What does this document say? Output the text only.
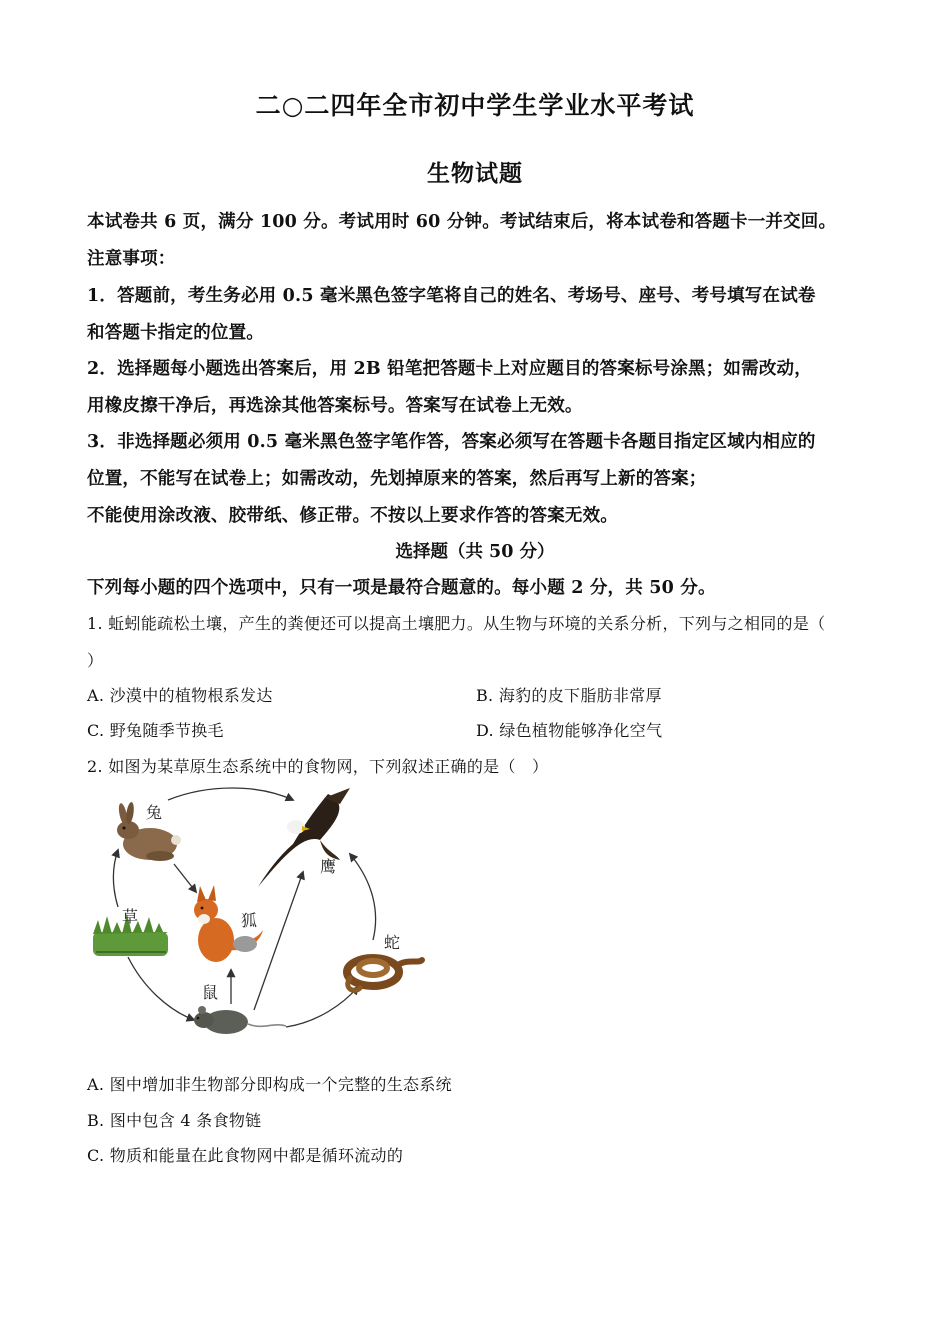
二○二四年全市初中学生学业水平考试
生物试题
本试卷共 6 页，满分 100 分。考试用时 60 分钟。考试结束后，将本试卷和答题卡一并交回。
注意事项：
1．答题前，考生务必用 0.5 毫米黑色签字笔将自己的姓名、考场号、座号、考号填写在试卷
和答题卡指定的位置。
2．选择题每小题选出答案后，用 2B 铅笔把答题卡上对应题目的答案标号涂黑；如需改动，
用橡皮擦干净后，再选涂其他答案标号。答案写在试卷上无效。
3．非选择题必须用 0.5 毫米黑色签字笔作答，答案必须写在答题卡各题目指定区域内相应的
位置，不能写在试卷上；如需改动，先划掉原来的答案，然后再写上新的答案；
不能使用涂改液、胶带纸、修正带。不按以上要求作答的答案无效。
选择题（共 50 分）
下列每小题的四个选项中，只有一项是最符合题意的。每小题 2 分，共 50 分。
1. 蚯蚓能疏松土壤，产生的粪便还可以提高土壤肥力。从生物与环境的关系分析，下列与之相同的是（
）
A. 沙漠中的植物根系发达	B. 海豹的皮下脂肪非常厚
C. 野兔随季节换毛	D. 绿色植物能够净化空气
2. 如图为某草原生态系统中的食物网，下列叙述正确的是（　）
兔
鹰
草	狐
蛇
鼠
A. 图中增加非生物部分即构成一个完整的生态系统
B. 图中包含 4 条食物链
C. 物质和能量在此食物网中都是循环流动的
